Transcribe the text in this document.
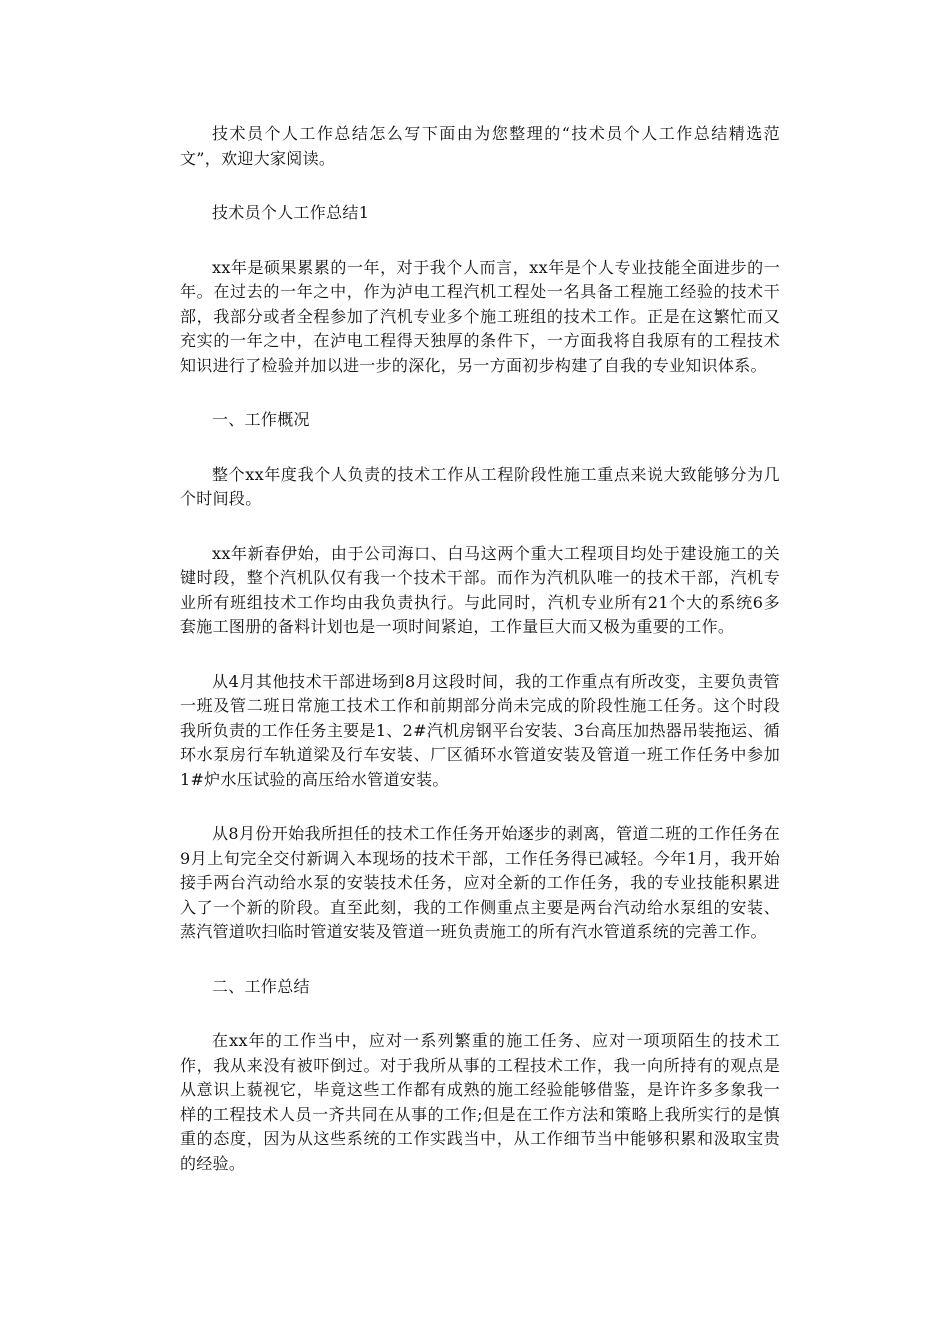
技术员个人工作总结怎么写下面由为您整理的“技术员个人工作总结精选范文”，欢迎大家阅读。

技术员个人工作总结1

xx年是硕果累累的一年，对于我个人而言，xx年是个人专业技能全面进步的一年。在过去的一年之中，作为泸电工程汽机工程处一名具备工程施工经验的技术干部，我部分或者全程参加了汽机专业多个施工班组的技术工作。正是在这繁忙而又充实的一年之中，在泸电工程得天独厚的条件下，一方面我将自我原有的工程技术知识进行了检验并加以进一步的深化，另一方面初步构建了自我的专业知识体系。

一、工作概况

整个xx年度我个人负责的技术工作从工程阶段性施工重点来说大致能够分为几个时间段。

xx年新春伊始，由于公司海口、白马这两个重大工程项目均处于建设施工的关键时段，整个汽机队仅有我一个技术干部。而作为汽机队唯一的技术干部，汽机专业所有班组技术工作均由我负责执行。与此同时，汽机专业所有21个大的系统6多套施工图册的备料计划也是一项时间紧迫，工作量巨大而又极为重要的工作。

从4月其他技术干部进场到8月这段时间，我的工作重点有所改变，主要负责管一班及管二班日常施工技术工作和前期部分尚未完成的阶段性施工任务。这个时段我所负责的工作任务主要是1、2#汽机房钢平台安装、3台高压加热器吊装拖运、循环水泵房行车轨道梁及行车安装、厂区循环水管道安装及管道一班工作任务中参加1#炉水压试验的高压给水管道安装。

从8月份开始我所担任的技术工作任务开始逐步的剥离，管道二班的工作任务在9月上旬完全交付新调入本现场的技术干部，工作任务得已减轻。今年1月，我开始接手两台汽动给水泵的安装技术任务，应对全新的工作任务，我的专业技能积累进入了一个新的阶段。直至此刻，我的工作侧重点主要是两台汽动给水泵组的安装、蒸汽管道吹扫临时管道安装及管道一班负责施工的所有汽水管道系统的完善工作。

二、工作总结

在xx年的工作当中，应对一系列繁重的施工任务、应对一项项陌生的技术工作，我从来没有被吓倒过。对于我所从事的工程技术工作，我一向所持有的观点是从意识上藐视它，毕竟这些工作都有成熟的施工经验能够借鉴，是许许多多象我一样的工程技术人员一齐共同在从事的工作;但是在工作方法和策略上我所实行的是慎重的态度，因为从这些系统的工作实践当中，从工作细节当中能够积累和汲取宝贵的经验。
